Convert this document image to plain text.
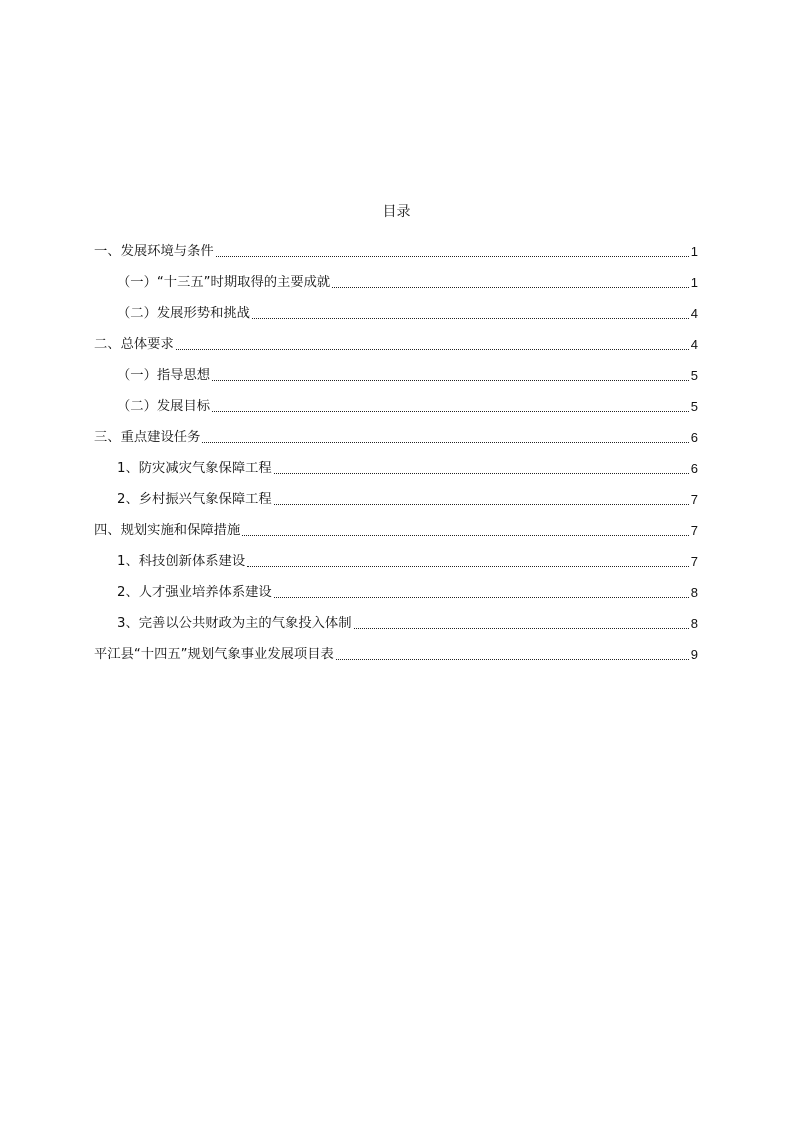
目录
一、发展环境与条件	1
（一）“十三五”时期取得的主要成就	1
（二）发展形势和挑战	4
二、总体要求	4
（一）指导思想	5
（二）发展目标	5
三、重点建设任务	6
1、防灾减灾气象保障工程	6
2、乡村振兴气象保障工程	7
四、规划实施和保障措施	7
1、科技创新体系建设	7
2、人才强业培养体系建设	8
3、完善以公共财政为主的气象投入体制	8
平江县“十四五”规划气象事业发展项目表	9
